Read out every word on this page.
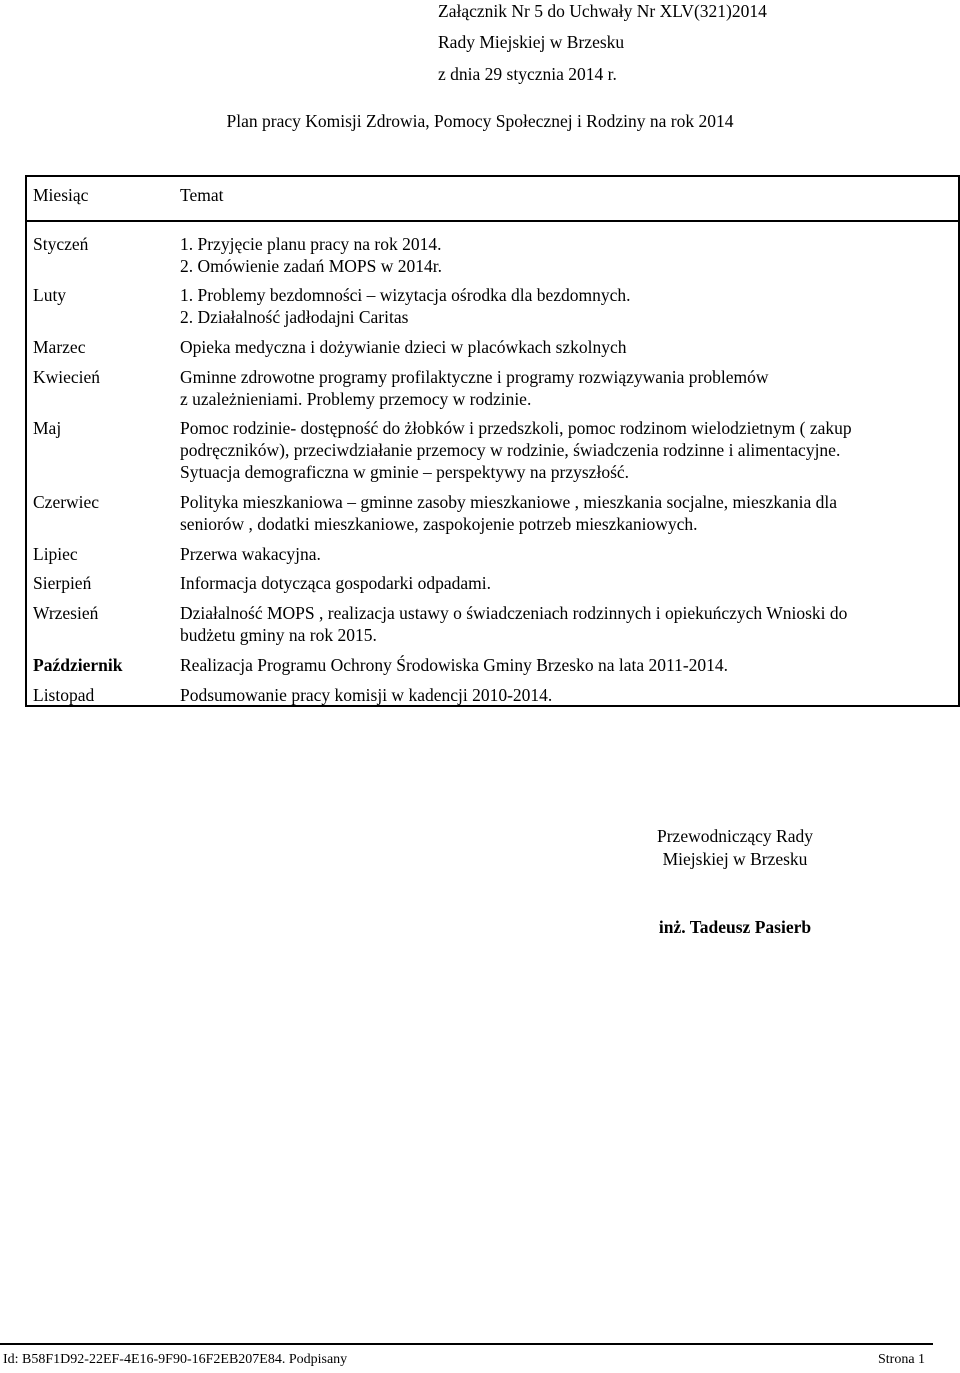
Załącznik Nr 5 do Uchwały Nr XLV(321)2014
Rady Miejskiej w Brzesku
z dnia 29 stycznia 2014 r.
Plan pracy Komisji Zdrowia, Pomocy Społecznej i Rodziny na rok 2014
Miesiąc	Temat
Styczeń	1. Przyjęcie planu pracy na rok 2014.
2. Omówienie zadań MOPS w 2014r.
Luty	1. Problemy bezdomności – wizytacja ośrodka dla bezdomnych.
2. Działalność jadłodajni Caritas
Marzec	Opieka medyczna i dożywianie dzieci w placówkach szkolnych
Kwiecień	Gminne zdrowotne programy profilaktyczne i programy rozwiązywania problemów
z uzależnieniami. Problemy przemocy w rodzinie.
Maj	Pomoc rodzinie- dostępność do żłobków i przedszkoli, pomoc rodzinom wielodzietnym ( zakup
podręczników), przeciwdziałanie przemocy w rodzinie, świadczenia rodzinne i alimentacyjne.
Sytuacja demograficzna w gminie – perspektywy na przyszłość.
Czerwiec	Polityka mieszkaniowa – gminne zasoby mieszkaniowe , mieszkania socjalne, mieszkania dla
seniorów , dodatki mieszkaniowe, zaspokojenie potrzeb mieszkaniowych.
Lipiec	Przerwa wakacyjna.
Sierpień	Informacja dotycząca gospodarki odpadami.
Wrzesień	Działalność MOPS , realizacja ustawy o świadczeniach rodzinnych i opiekuńczych Wnioski do
budżetu gminy na rok 2015.
Październik	Realizacja Programu Ochrony Środowiska Gminy Brzesko na lata 2011-2014.
Listopad	Podsumowanie pracy komisji w kadencji 2010-2014.
Przewodniczący Rady
Miejskiej w Brzesku
inż. Tadeusz Pasierb
Id: B58F1D92-22EF-4E16-9F90-16F2EB207E84. Podpisany	Strona 1
